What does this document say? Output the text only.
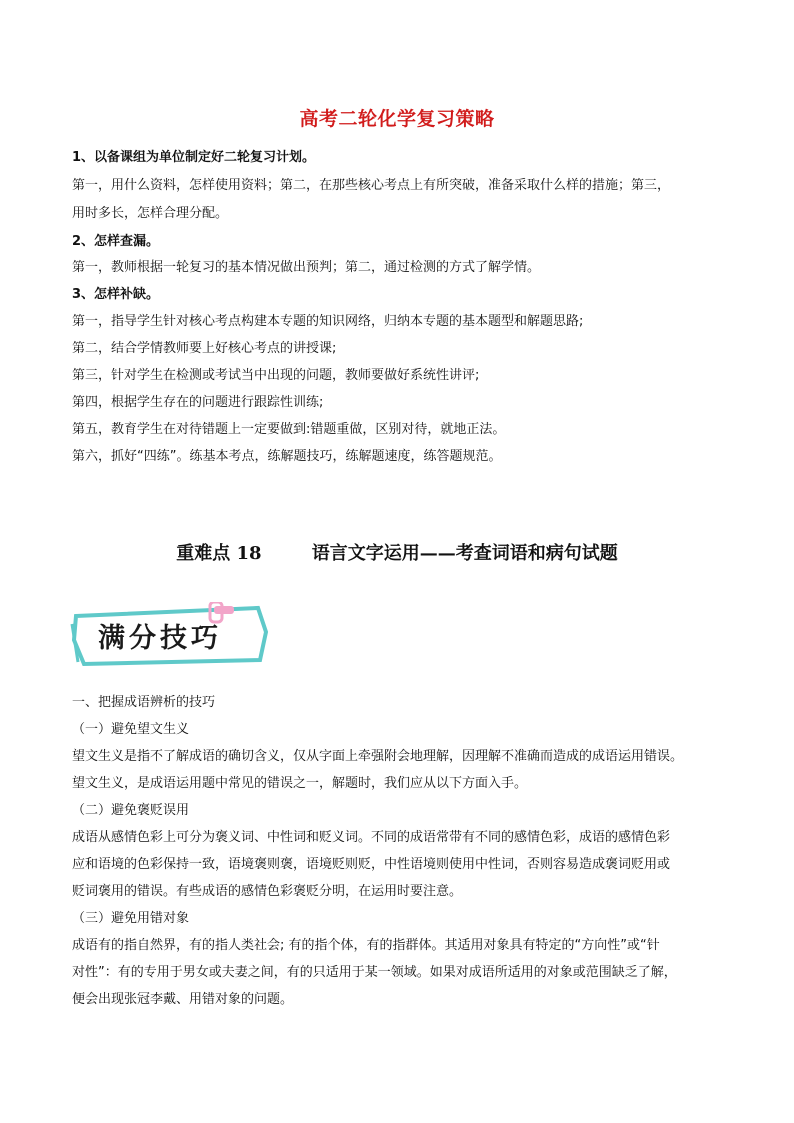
高考二轮化学复习策略
1、以备课组为单位制定好二轮复习计划。
第一，用什么资料，怎样使用资料；第二，在那些核心考点上有所突破，准备采取什么样的措施；第三，
用时多长，怎样合理分配。
2、怎样查漏。
第一，教师根据一轮复习的基本情况做出预判；第二，通过检测的方式了解学情。
3、怎样补缺。
第一，指导学生针对核心考点构建本专题的知识网络，归纳本专题的基本题型和解题思路;
第二，结合学情教师要上好核心考点的讲授课;
第三，针对学生在检测或考试当中出现的问题，教师要做好系统性讲评;
第四，根据学生存在的问题进行跟踪性训练;
第五，教育学生在对待错题上一定要做到:错题重做，区别对待，就地正法。
第六，抓好“四练”。练基本考点，练解题技巧，练解题速度，练答题规范。
重难点 18        语言文字运用——考查词语和病句试题
满分技巧
一、把握成语辨析的技巧
（一）避免望文生义
望文生义是指不了解成语的确切含义，仅从字面上牵强附会地理解，因理解不准确而造成的成语运用错误。
望文生义，是成语运用题中常见的错误之一，解题时，我们应从以下方面入手。
（二）避免褒贬误用
成语从感情色彩上可分为褒义词、中性词和贬义词。不同的成语常带有不同的感情色彩，成语的感情色彩
应和语境的色彩保持一致，语境褒则褒，语境贬则贬，中性语境则使用中性词，否则容易造成褒词贬用或
贬词褒用的错误。有些成语的感情色彩褒贬分明，在运用时要注意。
（三）避免用错对象
成语有的指自然界，有的指人类社会; 有的指个体，有的指群体。其适用对象具有特定的“方向性”或“针
对性”：有的专用于男女或夫妻之间，有的只适用于某一领域。如果对成语所适用的对象或范围缺乏了解，
便会出现张冠李戴、用错对象的问题。
